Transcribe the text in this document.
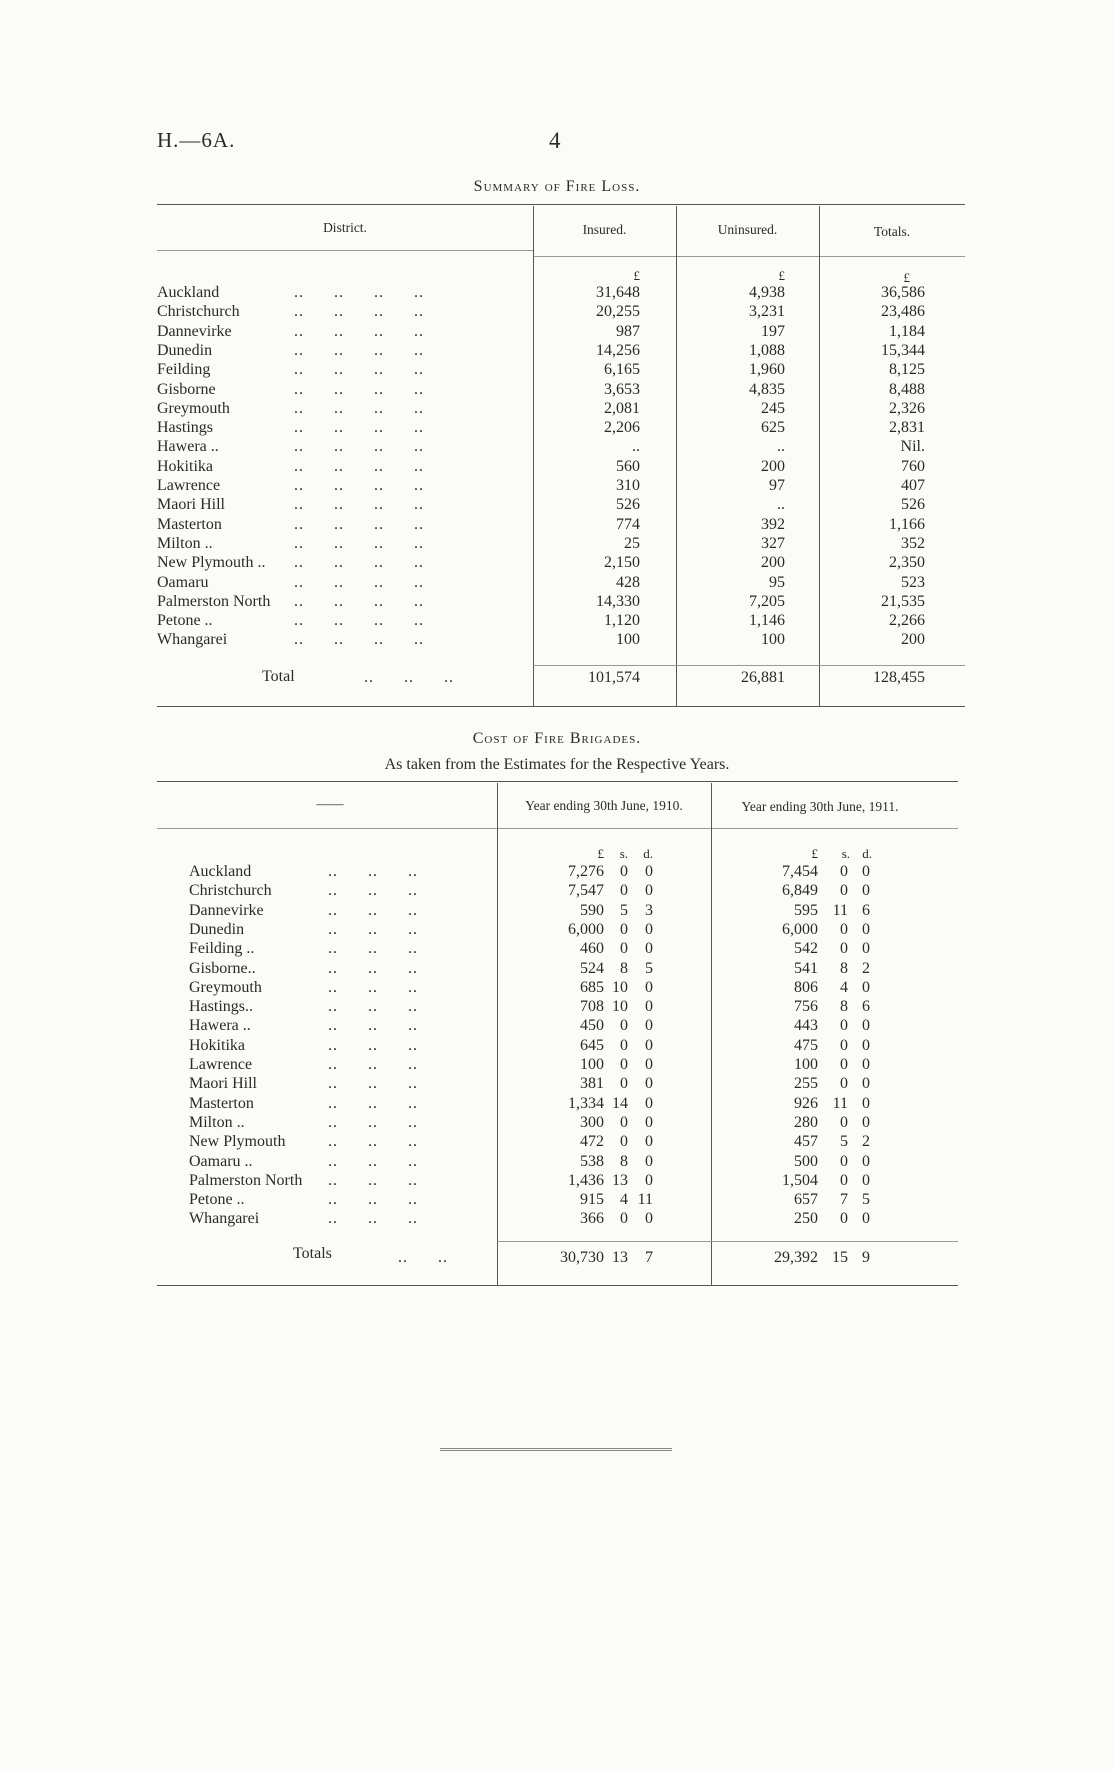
H.—6A.	4
Summary of Fire Loss.
District.	Insured.	Uninsured.	Totals.
£	£	£
Auckland	..      ..      ..      ..	31,648	4,938	36,586
Christchurch	..      ..      ..      ..	20,255	3,231	23,486
Dannevirke	..      ..      ..      ..	987	197	1,184
Dunedin	..      ..      ..      ..	14,256	1,088	15,344
Feilding	..      ..      ..      ..	6,165	1,960	8,125
Gisborne	..      ..      ..      ..	3,653	4,835	8,488
Greymouth	..      ..      ..      ..	2,081	245	2,326
Hastings	..      ..      ..      ..	2,206	625	2,831
Hawera ..	..      ..      ..      ..	..	..	Nil.
Hokitika	..      ..      ..      ..	560	200	760
Lawrence	..      ..      ..      ..	310	97	407
Maori Hill	..      ..      ..      ..	526	..	526
Masterton	..      ..      ..      ..	774	392	1,166
Milton ..	..      ..      ..      ..	25	327	352
New Plymouth .. ..      ..      ..      ..	2,150	200	2,350
Oamaru	..      ..      ..      ..	428	95	523
Palmerston North ..      ..      ..      ..	14,330	7,205	21,535
Petone ..	..      ..      ..      ..	1,120	1,146	2,266
Whangarei	..      ..      ..      ..	100	100	200
Total	..      ..      ..	101,574	26,881	128,455
Cost of Fire Brigades.
As taken from the Estimates for the Respective Years.
——	Year ending 30th June, 1910.	Year ending 30th June, 1911.
£	s.	d.	£	s. d.
Auckland	..      ..      ..	7,276	0	0	7,454	0 0
Christchurch	..      ..      ..	7,547	0	0	6,849	0 0
Dannevirke	..      ..      ..	590	5	3	595 11 6
Dunedin	..      ..      ..	6,000	0	0	6,000	0 0
Feilding ..	..      ..      ..	460	0	0	542	0 0
Gisborne..	..      ..      ..	524	8	5	541	8 2
Greymouth	..      ..      ..	685 10	0	806	4 0
Hastings..	..      ..      ..	708 10	0	756	8 6
Hawera ..	..      ..      ..	450	0	0	443	0 0
Hokitika	..      ..      ..	645	0	0	475	0 0
Lawrence	..      ..      ..	100	0	0	100	0 0
Maori Hill	..      ..      ..	381	0	0	255	0 0
Masterton	..      ..      ..	1,334 14	0	926 11 0
Milton ..	..      ..      ..	300	0	0	280	0 0
New Plymouth	..      ..      ..	472	0	0	457	5 2
Oamaru ..	..      ..      ..	538	8	0	500	0 0
Palmerston North ..      ..      ..	1,436 13	0	1,504	0 0
Petone ..	..      ..      ..	915	4 11	657	7 5
Whangarei	..      ..      ..	366	0	0	250	0 0
Totals	..      ..	30,730 13	7	29,392 15 9
